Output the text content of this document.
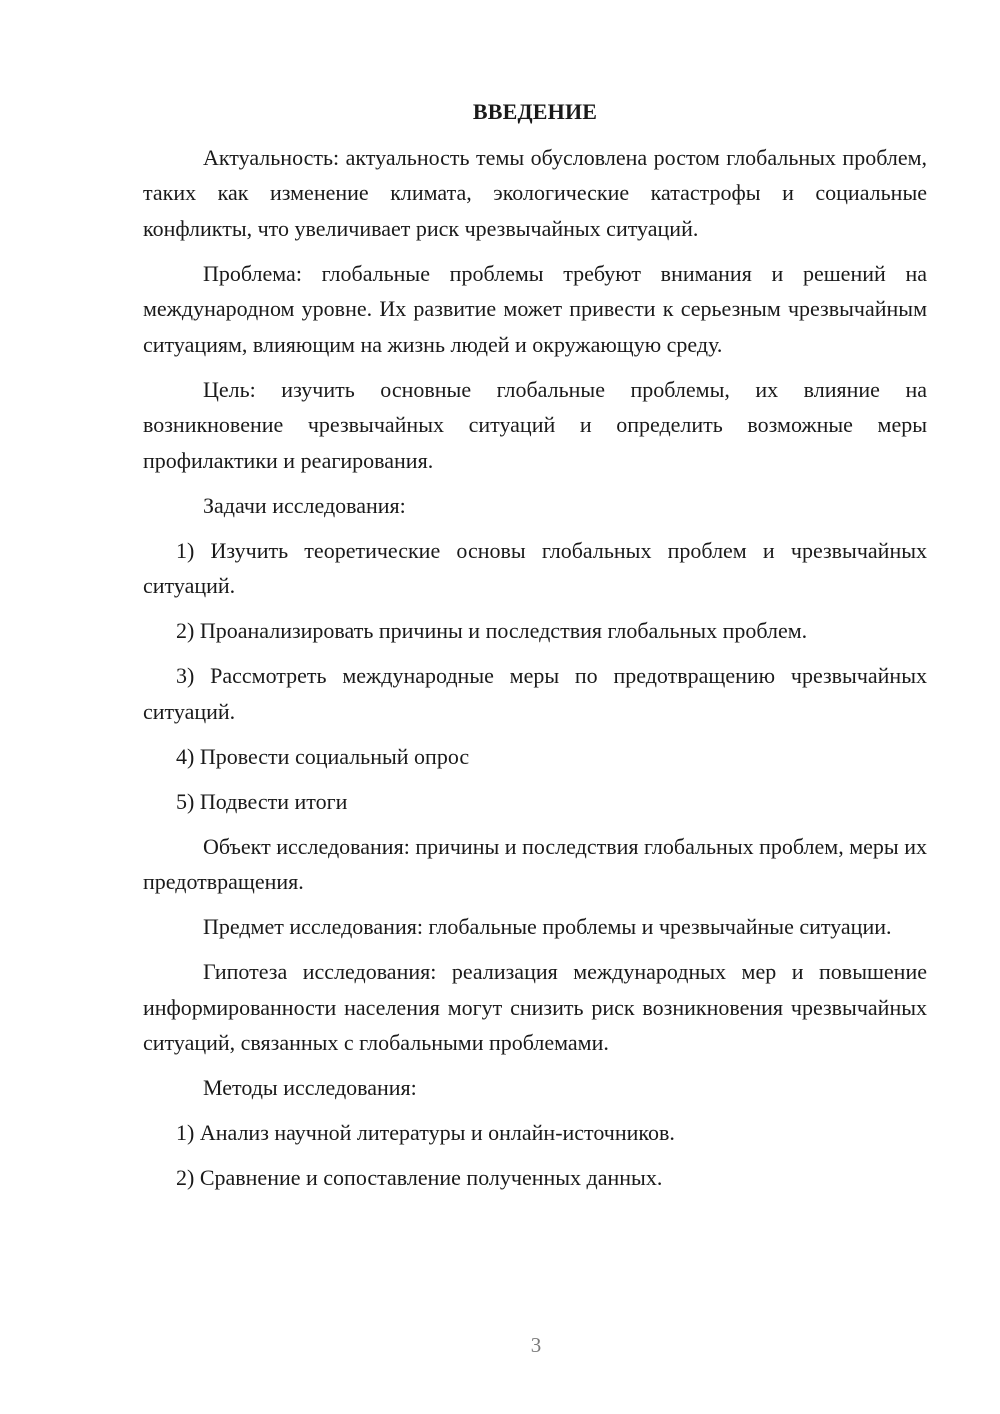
ВВЕДЕНИЕ

Актуальность: актуальность темы обусловлена ростом глобальных проблем, таких как изменение климата, экологические катастрофы и социальные конфликты, что увеличивает риск чрезвычайных ситуаций.

Проблема: глобальные проблемы требуют внимания и решений на международном уровне. Их развитие может привести к серьезным чрезвычайным ситуациям, влияющим на жизнь людей и окружающую среду.

Цель: изучить основные глобальные проблемы, их влияние на возникновение чрезвычайных ситуаций и определить возможные меры профилактики и реагирования.

Задачи исследования:

1) Изучить теоретические основы глобальных проблем и чрезвычайных ситуаций.

2) Проанализировать причины и последствия глобальных проблем.

3) Рассмотреть международные меры по предотвращению чрезвычайных ситуаций.

4) Провести социальный опрос

5) Подвести итоги

Объект исследования: причины и последствия глобальных проблем, меры их предотвращения.

Предмет исследования: глобальные проблемы и чрезвычайные ситуации.

Гипотеза исследования: реализация международных мер и повышение информированности населения могут снизить риск возникновения чрезвычайных ситуаций, связанных с глобальными проблемами.

Методы исследования:

1) Анализ научной литературы и онлайн-источников.

2) Сравнение и сопоставление полученных данных.

3
